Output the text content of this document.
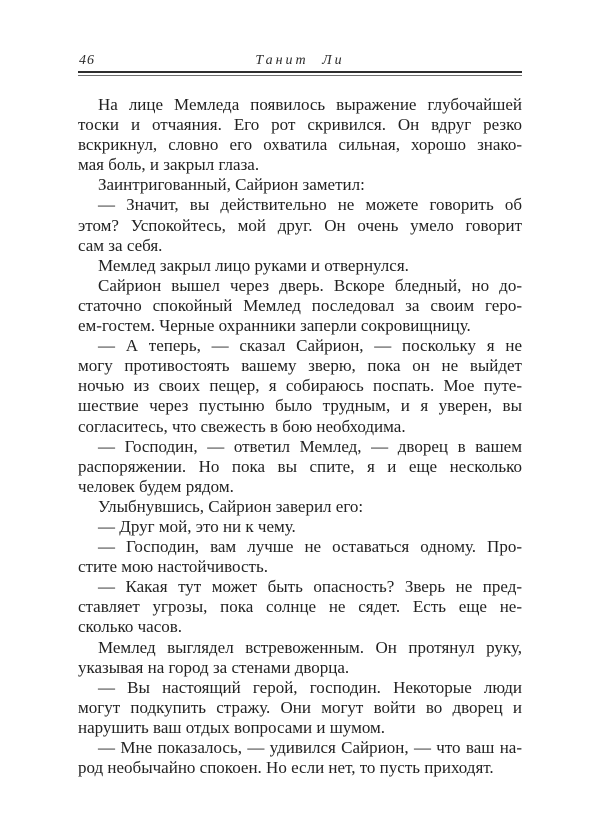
46	Танит Ли
На лице Мемледа появилось выражение глубочайшей
тоски и отчаяния. Его рот скривился. Он вдруг резко
вскрикнул, словно его охватила сильная, хорошо знако-
мая боль, и закрыл глаза.
Заинтригованный, Сайрион заметил:
— Значит, вы действительно не можете говорить об
этом? Успокойтесь, мой друг. Он очень умело говорит
сам за себя.
Мемлед закрыл лицо руками и отвернулся.
Сайрион вышел через дверь. Вскоре бледный, но до-
статочно спокойный Мемлед последовал за своим геро-
ем-гостем. Черные охранники заперли сокровищницу.
— А теперь, — сказал Сайрион, — поскольку я не
могу противостоять вашему зверю, пока он не выйдет
ночью из своих пещер, я собираюсь поспать. Мое путе-
шествие через пустыню было трудным, и я уверен, вы
согласитесь, что свежесть в бою необходима.
— Господин, — ответил Мемлед, — дворец в вашем
распоряжении. Но пока вы спите, я и еще несколько
человек будем рядом.
Улыбнувшись, Сайрион заверил его:
— Друг мой, это ни к чему.
— Господин, вам лучше не оставаться одному. Про-
стите мою настойчивость.
— Какая тут может быть опасность? Зверь не пред-
ставляет угрозы, пока солнце не сядет. Есть еще не-
сколько часов.
Мемлед выглядел встревоженным. Он протянул руку,
указывая на город за стенами дворца.
— Вы настоящий герой, господин. Некоторые люди
могут подкупить стражу. Они могут войти во дворец и
нарушить ваш отдых вопросами и шумом.
— Мне показалось, — удивился Сайрион, — что ваш на-
род необычайно спокоен. Но если нет, то пусть приходят.
